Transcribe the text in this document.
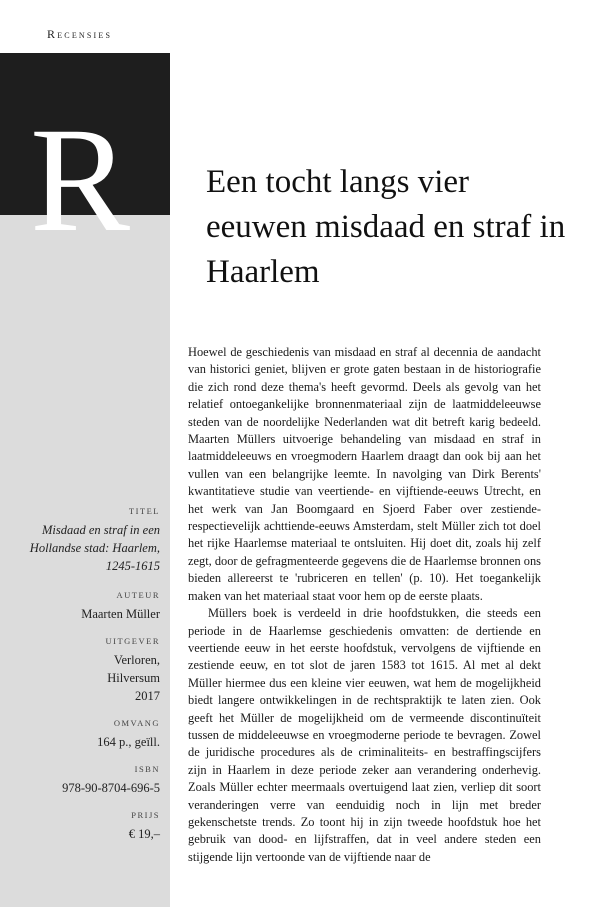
Recensies
R Een tocht langs vier eeuwen misdaad en straf in Haarlem
TITEL
Misdaad en straf in een Hollandse stad: Haarlem, 1245-1615
AUTEUR
Maarten Müller
UITGEVER
Verloren, Hilversum 2017
OMVANG
164 p., geïll.
ISBN
978-90-8704-696-5
PRIJS
€ 19,–

Hoewel de geschiedenis van misdaad en straf al decennia de aandacht van historici geniet, blijven er grote gaten bestaan in de historiografie die zich rond deze thema's heeft gevormd. Deels als gevolg van het relatief ontoegankelijke bronnenmateriaal zijn de laatmiddeleeuwse steden van de noordelijke Nederlanden wat dit betreft karig bedeeld. Maarten Müllers uitvoerige behandeling van misdaad en straf in laatmiddeleeuws en vroegmodern Haarlem draagt dan ook bij aan het vullen van een belangrijke leemte. In navolging van Dirk Berents' kwantitatieve studie van veertiende- en vijftiende-eeuws Utrecht, en het werk van Jan Boomgaard en Sjoerd Faber over zestiende- respectievelijk achttiende-eeuws Amsterdam, stelt Müller zich tot doel het rijke Haarlemse materiaal te ontsluiten. Hij doet dit, zoals hij zelf zegt, door de gefragmenteerde gegevens die de Haarlemse bronnen ons bieden allereerst te 'rubriceren en tellen' (p. 10). Het toegankelijk maken van het materiaal staat voor hem op de eerste plaats.

Müllers boek is verdeeld in drie hoofdstukken, die steeds een periode in de Haarlemse geschiedenis omvatten: de dertiende en veertiende eeuw in het eerste hoofdstuk, vervolgens de vijftiende en zestiende eeuw, en tot slot de jaren 1583 tot 1615. Al met al dekt Müller hiermee dus een kleine vier eeuwen, wat hem de mogelijkheid biedt langere ontwikkelingen in de rechtspraktijk te laten zien. Ook geeft het Müller de mogelijkheid om de vermeende discontinuïteit tussen de middeleeuwse en vroegmoderne periode te bevragen. Zowel de juridische procedures als de criminaliteits- en bestraffingscijfers zijn in Haarlem in deze periode zeker aan verandering onderhevig. Zoals Müller echter meermaals overtuigend laat zien, verliep dit soort veranderingen verre van eenduidig noch in lijn met breder gekenschetste trends. Zo toont hij in zijn tweede hoofdstuk hoe het gebruik van dood- en lijfstraffen, dat in veel andere steden een stijgende lijn vertoonde van de vijftiende naar de
